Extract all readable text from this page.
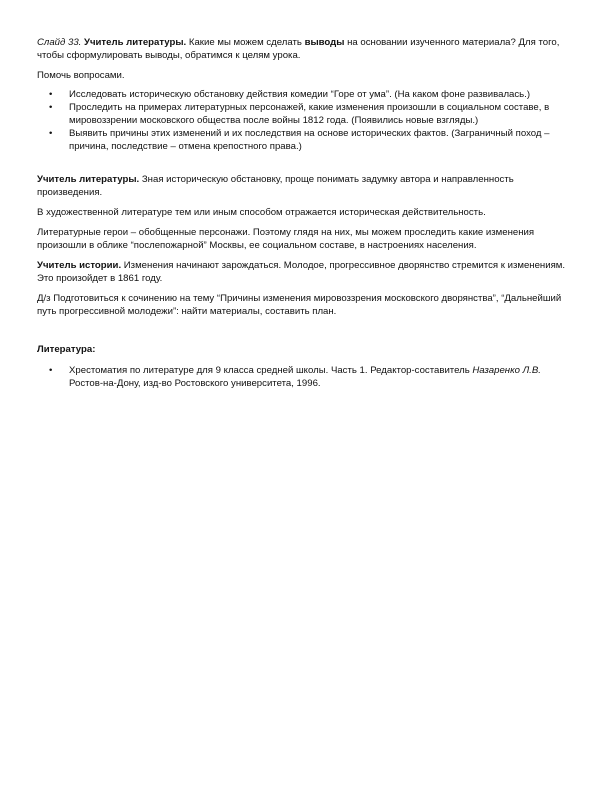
Слайд 33. Учитель литературы. Какие мы можем сделать выводы на основании изученного материала? Для того, чтобы сформулировать выводы, обратимся к целям урока.

Помочь вопросами.

• Исследовать историческую обстановку действия комедии “Горе от ума”. (На каком фоне развивалась.)
• Проследить на примерах литературных персонажей, какие изменения произошли в социальном составе, в мировоззрении московского общества после войны 1812 года. (Появились новые взгляды.)
• Выявить причины этих изменений и их последствия на основе исторических фактов. (Заграничный поход – причина, последствие – отмена крепостного права.)

Учитель литературы. Зная историческую обстановку, проще понимать задумку автора и направленность произведения.

В художественной литературе тем или иным способом отражается историческая действительность.

Литературные герои – обобщенные персонажи. Поэтому глядя на них, мы можем проследить какие изменения произошли в облике “послепожарной” Москвы, ее социальном составе, в настроениях населения.

Учитель истории. Изменения начинают зарождаться. Молодое, прогрессивное дворянство стремится к изменениям. Это произойдет в 1861 году.

Д/з Подготовиться к сочинению на тему “Причины изменения мировоззрения московского дворянства”, “Дальнейший путь прогрессивной молодежи”: найти материалы, составить план.

Литература:

• Хрестоматия по литературе для 9 класса средней школы. Часть 1. Редактор-составитель Назаренко Л.В. Ростов-на-Дону, изд-во Ростовского университета, 1996.
